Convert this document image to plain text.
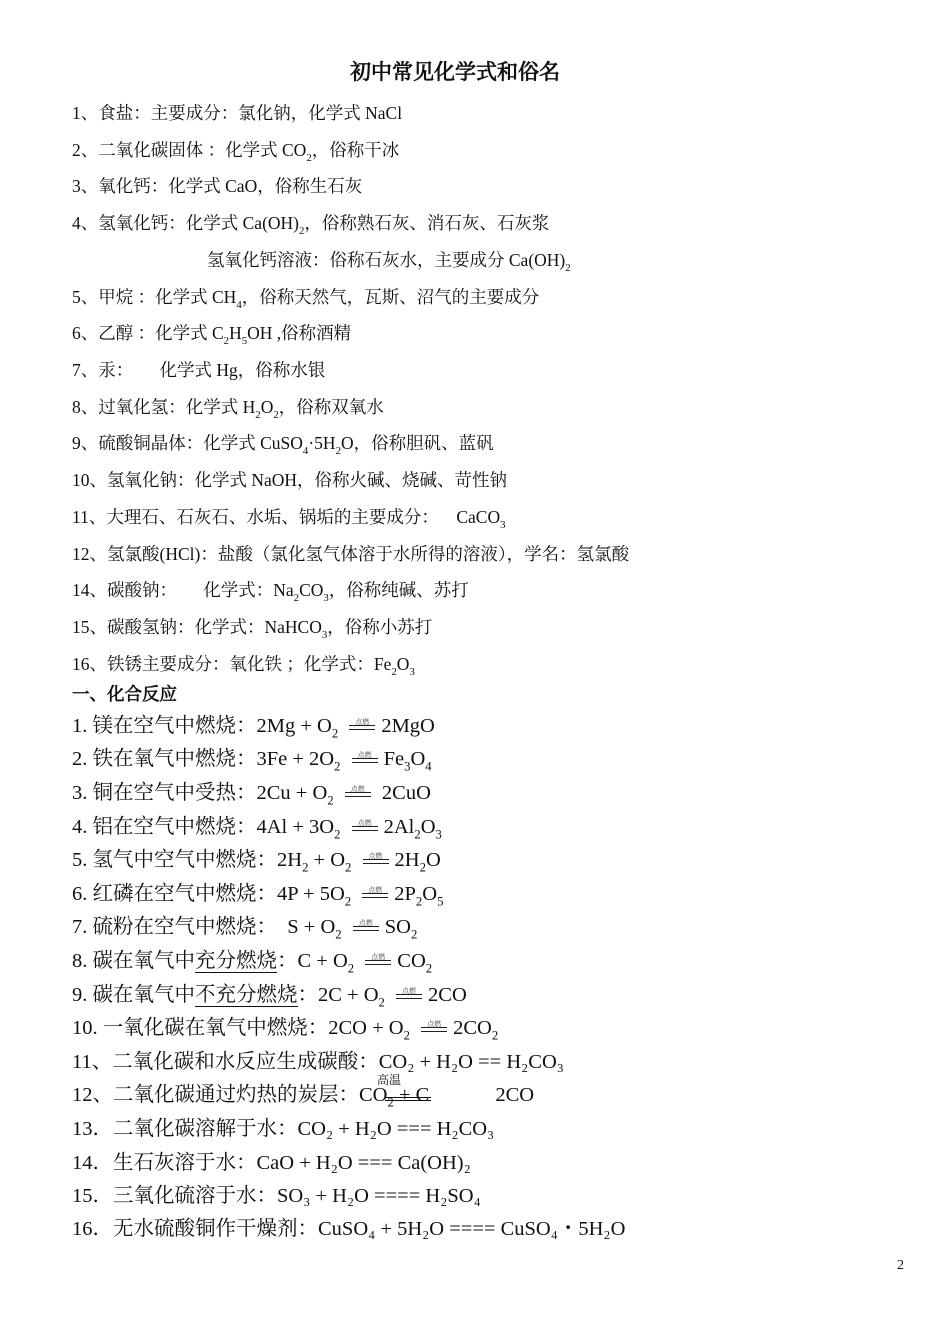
初中常见化学式和俗名
1、食盐：主要成分：氯化钠，化学式 NaCl
2、二氧化碳固体 ：化学式 $CO_2$，俗称干冰
3、氧化钙：化学式 CaO，俗称生石灰
4、氢氧化钙：化学式 $Ca(OH)_2$，俗称熟石灰、消石灰、石灰浆
氢氧化钙溶液：俗称石灰水，主要成分 $Ca(OH)_2$
5、甲烷 ：化学式 $CH_4$，俗称天然气，瓦斯、沼气的主要成分
6、乙醇 ：化学式 $C_2H_5OH$ ,俗称酒精
7、汞：      化学式 Hg，俗称水银
8、过氧化氢：化学式 $H_2O_2$，俗称双氧水
9、硫酸铜晶体：化学式 $CuSO_4\cdot 5H_2O$，俗称胆矾、蓝矾
10、氢氧化钠：化学式 NaOH，俗称火碱、烧碱、苛性钠
11、大理石、石灰石、水垢、锅垢的主要成分：    CaCO$_3$
12、氢氯酸(HCl)：盐酸（氯化氢气体溶于水所得的溶液），学名：氢氯酸
14、碳酸钠：      化学式：$Na_2CO_3$，俗称纯碱、苏打
15、碳酸氢钠：化学式：NaHCO$_3$，俗称小苏打
16、铁锈主要成分：氧化铁 ；化学式：$Fe_2O_3$
一、化合反应
1. 镁在空气中燃烧：$2Mg + O_2$
点燃 2MgO
2. 铁在氧气中燃烧：$3Fe + 2O_2$
点燃 $Fe_3O_4$
3. 铜在空气中受热：$2Cu + O_2$
点燃 2CuO
4. 铝在空气中燃烧：$4Al + 3O_2$
点燃 $2Al_2O_3$
5. 氢气中空气中燃烧：$2H_2 + O_2$
点燃 $2H_2O$
6. 红磷在空气中燃烧：$4P + 5O_2$
点燃 $2P_2O_5$
7. 硫粉在空气中燃烧：  $S + O_2$
点燃 $SO_2$
8. 碳在氧气中充分燃烧：$C + O_2$
点燃 $CO_2$
9. 碳在氧气中不充分燃烧：$2C + O_2$
点燃 2CO
10. 一氧化碳在氧气中燃烧：$2CO + O_2$
点燃 $2CO_2$
11、二氧化碳和水反应生成碳酸：CO₂ + H₂O == H₂CO₃
12、二氧化碳通过灼热的炭层：
高温
$CO_2 + C$	2CO
13．二氧化碳溶解于水：CO₂ + H₂O === H₂CO₃
14．生石灰溶于水：CaO + H₂O === Ca(OH)₂
15．三氧化硫溶于水：SO₃ + H₂O ==== H₂SO₄
16．无水硫酸铜作干燥剂：CuSO₄ + 5H₂O ==== CuSO₄・5H₂O
2
